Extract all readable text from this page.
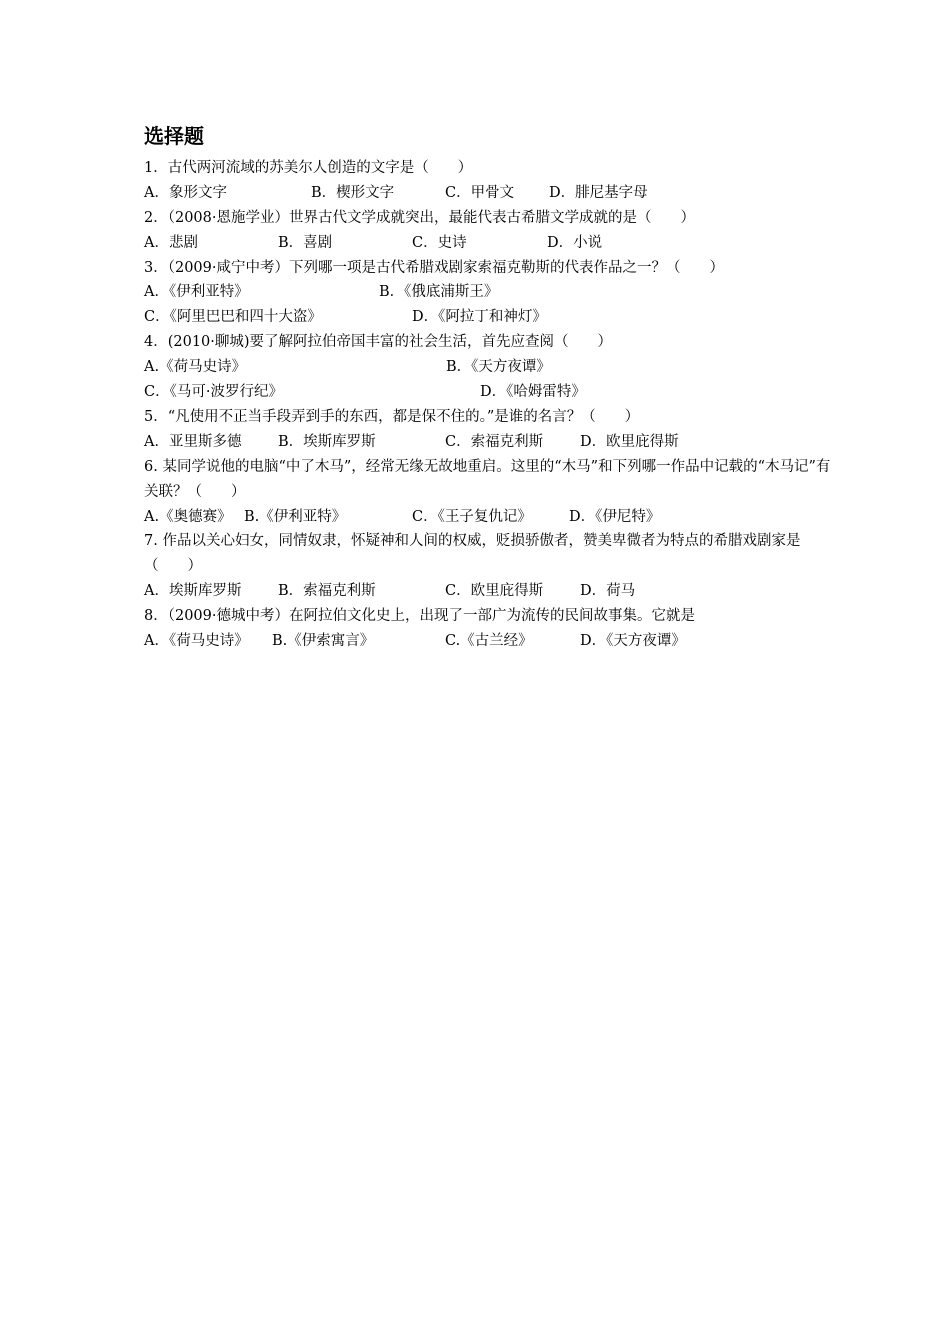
选择题
1．古代两河流域的苏美尔人创造的文字是（　　）
A．象形文字	B．楔形文字	C．甲骨文 D．腓尼基字母
2．（2008·恩施学业）世界古代文学成就突出，最能代表古希腊文学成就的是（　　）
A．悲剧	B．喜剧	C．史诗	D．小说
3．（2009·咸宁中考）下列哪一项是古代希腊戏剧家索福克勒斯的代表作品之一？（　　）
A．《伊利亚特》	B．《俄底浦斯王》
C．《阿里巴巴和四十大盗》	D．《阿拉丁和神灯》
4．(2010·聊城)要了解阿拉伯帝国丰富的社会生活，首先应查阅（　　）
A.《荷马史诗》	B．《天方夜谭》
C．《马可·波罗行纪》	D．《哈姆雷特》
5．“凡使用不正当手段弄到手的东西，都是保不住的。”是谁的名言？（　　）
A．亚里斯多德	B．埃斯库罗斯	C．索福克利斯	D．欧里庇得斯
6. 某同学说他的电脑“中了木马”，经常无缘无故地重启。这里的“木马”和下列哪一作品中记载的“木马记”有关联？（　　）
A.《奥德赛》 B.《伊利亚特》	C．《王子复仇记》	D．《伊尼特》
7. 作品以关心妇女，同情奴隶，怀疑神和人间的权威，贬损骄傲者，赞美卑微者为特点的希腊戏剧家是（　　）
A．埃斯库罗斯	B．索福克利斯	C．欧里庇得斯	D．荷马
8．（2009·德城中考）在阿拉伯文化史上，出现了一部广为流传的民间故事集。它就是
A．《荷马史诗》 B.《伊索寓言》	C.《古兰经》	D．《天方夜谭》
